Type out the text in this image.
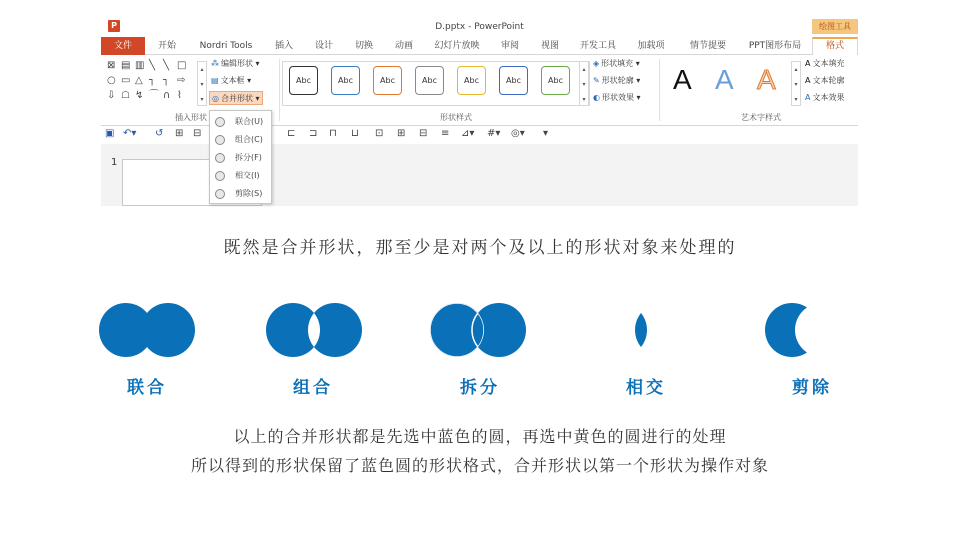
P	D.pptx - PowerPoint	绘图工具
文件	开始	Nordri Tools	插入	设计	切换	动画	幻灯片放映	审阅	视图	开发工具	加载项	情节提要	PPT图形布局	格式
⊠ ▤ ▥ ╲ ╲ □
○ ▭ △ ┐ ┐ ⇨
⇩ ☖ ↯ ⌒ ∩ ⌇
▴
▾
▾
⁂ 编辑形状 ▾
▤ 文本框 ▾
◎ 合并形状 ▾
插入形状
Abc	Abc	Abc	Abc	Abc	Abc	Abc
▴
▾
▾
◈ 形状填充 ▾
✎ 形状轮廓 ▾
◐ 形状效果 ▾
形状样式
A A A	▴
▾
▾
A 文本填充
A 文本轮廓
A 文本效果
艺术字样式
▣ ↶▾ ↺ ⊞ ⊟	⊏ ⊐ ⊓ ⊔ ⊡ ⊞ ⊟ ≡ ⊿▾ #▾ ◎▾ ▾
1
联合(U)
组合(C)
拆分(F)
相交(I)
剪除(S)
既然是合并形状，那至少是对两个及以上的形状对象来处理的
联合	组合	拆分	相交	剪除
以上的合并形状都是先选中蓝色的圆，再选中黄色的圆进行的处理
所以得到的形状保留了蓝色圆的形状格式，合并形状以第一个形状为操作对象
